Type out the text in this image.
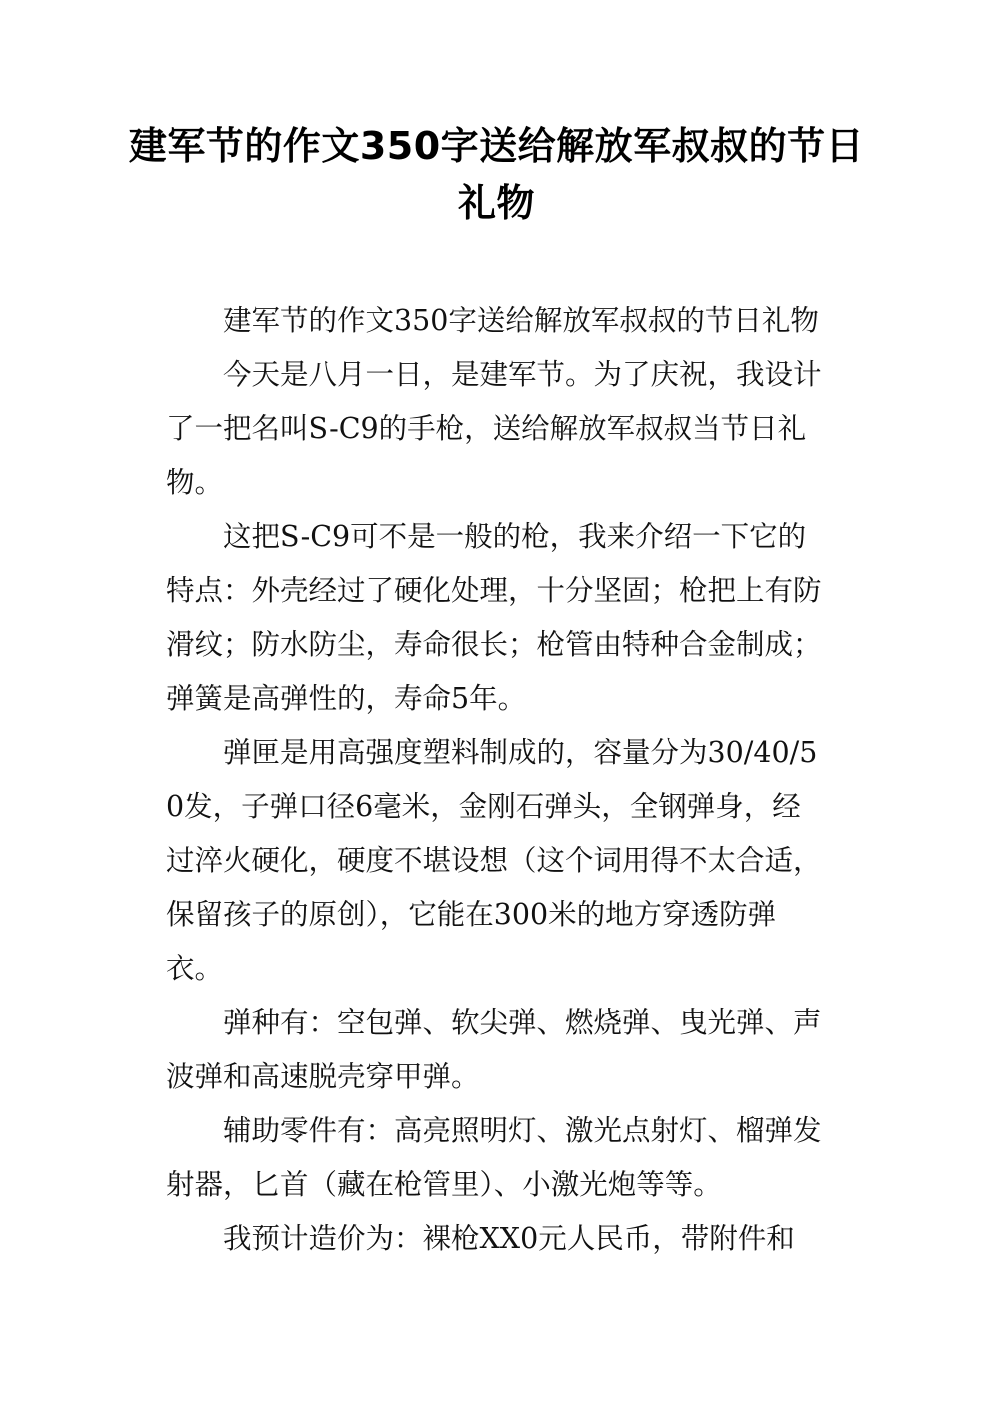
建军节的作文350字送给解放军叔叔的节日礼物

建军节的作文350字送给解放军叔叔的节日礼物

今天是八月一日，是建军节。为了庆祝，我设计了一把名叫S-C9的手枪，送给解放军叔叔当节日礼物。

这把S-C9可不是一般的枪，我来介绍一下它的特点：外壳经过了硬化处理，十分坚固；枪把上有防滑纹；防水防尘，寿命很长；枪管由特种合金制成；弹簧是高弹性的，寿命5年。

弹匣是用高强度塑料制成的，容量分为30/40/50发，子弹口径6毫米，金刚石弹头，全钢弹身，经过淬火硬化，硬度不堪设想（这个词用得不太合适，保留孩子的原创），它能在300米的地方穿透防弹衣。

弹种有：空包弹、软尖弹、燃烧弹、曳光弹、声波弹和高速脱壳穿甲弹。

辅助零件有：高亮照明灯、激光点射灯、榴弹发射器，匕首（藏在枪管里）、小激光炮等等。

我预计造价为：裸枪XX0元人民币，带附件和
